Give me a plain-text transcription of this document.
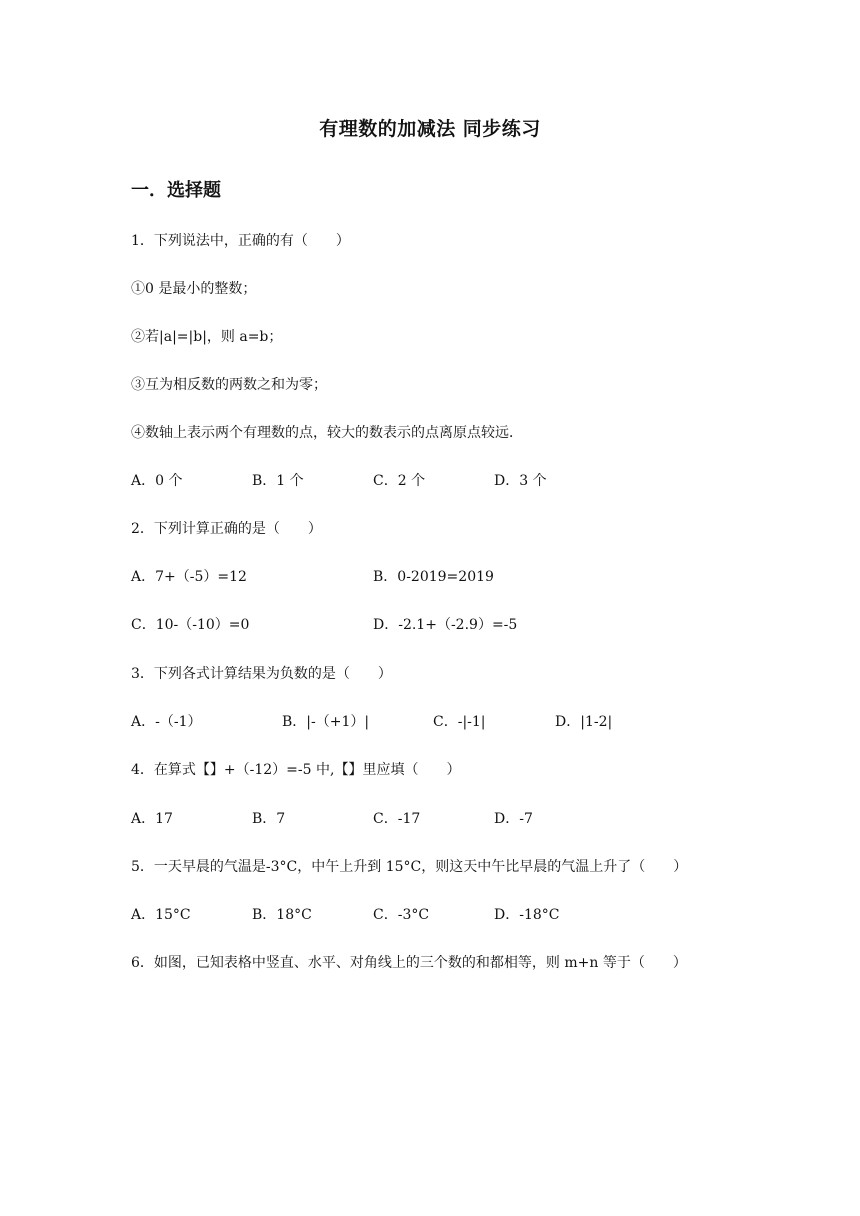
有理数的加减法 同步练习
一．选择题
1．下列说法中，正确的有（　　）
①0 是最小的整数；
②若|a|=|b|，则 a=b；
③互为相反数的两数之和为零；
④数轴上表示两个有理数的点，较大的数表示的点离原点较远．
A．0 个	B．1 个	C．2 个	D．3 个
2．下列计算正确的是（　　）
A．7+（-5）=12	B．0-2019=2019
C．10-（-10）=0	D．-2.1+（-2.9）=-5
3．下列各式计算结果为负数的是（　　）
A．-（-1）	B．|-（+1）|	C．-|-1|	D．|1-2|
4．在算式【】+（-12）=-5 中,【】里应填（　　）
A．17	B．7	C．-17	D．-7
5．一天早晨的气温是-3°C，中午上升到 15°C，则这天中午比早晨的气温上升了（　　）
A．15°C	B．18°C	C．-3°C	D．-18°C
6．如图，已知表格中竖直、水平、对角线上的三个数的和都相等，则 m+n 等于（　　）
